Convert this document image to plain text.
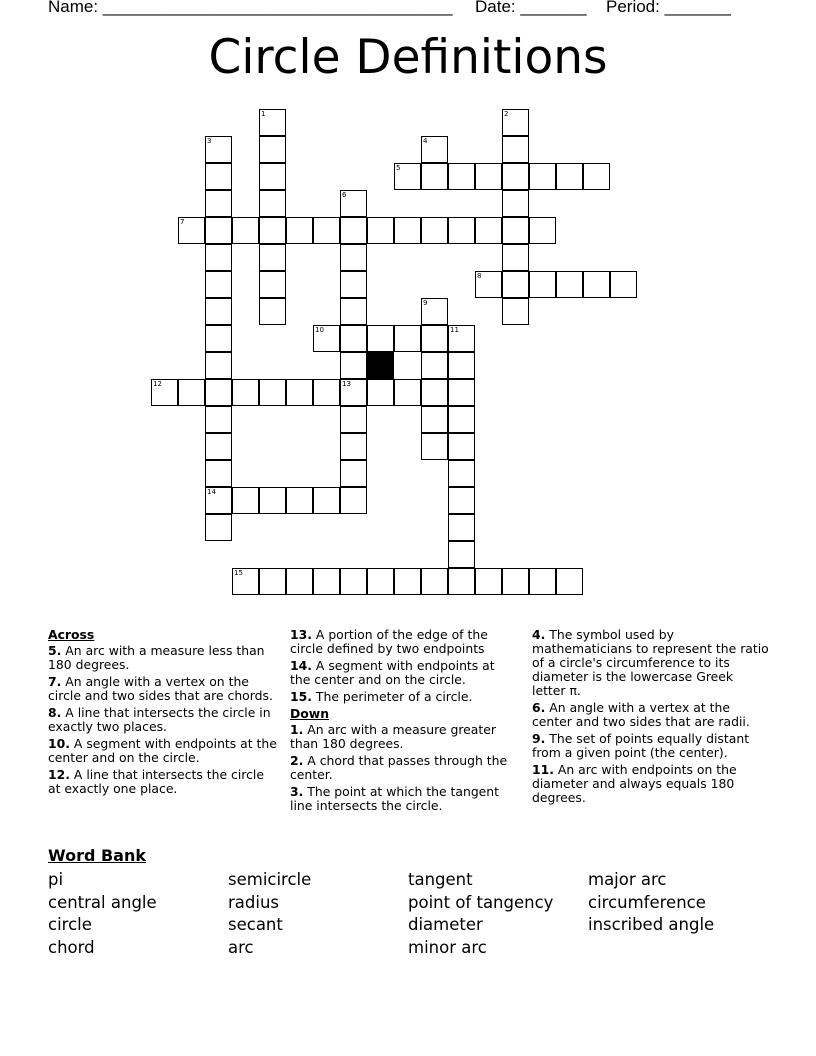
Name: _____________________________________ Date: _______ Period: _______
Circle Definitions
1	2
3	4
5
6
7
8
9
10	11
12	13
14
15
Across
5. An arc with a measure less than 180 degrees.
7. An angle with a vertex on the circle and two sides that are chords.
8. A line that intersects the circle in exactly two places.
10. A segment with endpoints at the center and on the circle.
12. A line that intersects the circle at exactly one place.
13. A portion of the edge of the circle defined by two endpoints
14. A segment with endpoints at the center and on the circle.
15. The perimeter of a circle.
Down
1. An arc with a measure greater than 180 degrees.
2. A chord that passes through the center.
3. The point at which the tangent line intersects the circle.
4. The symbol used by mathematicians to represent the ratio of a circle's circumference to its diameter is the lowercase Greek letter π.
6. An angle with a vertex at the center and two sides that are radii.
9. The set of points equally distant from a given point (the center).
11. An arc with endpoints on the diameter and always equals 180 degrees.
Word Bank
pi	semicircle	tangent	major arc
central angle	radius	point of tangency	circumference
circle	secant	diameter	inscribed angle
chord	arc	minor arc
